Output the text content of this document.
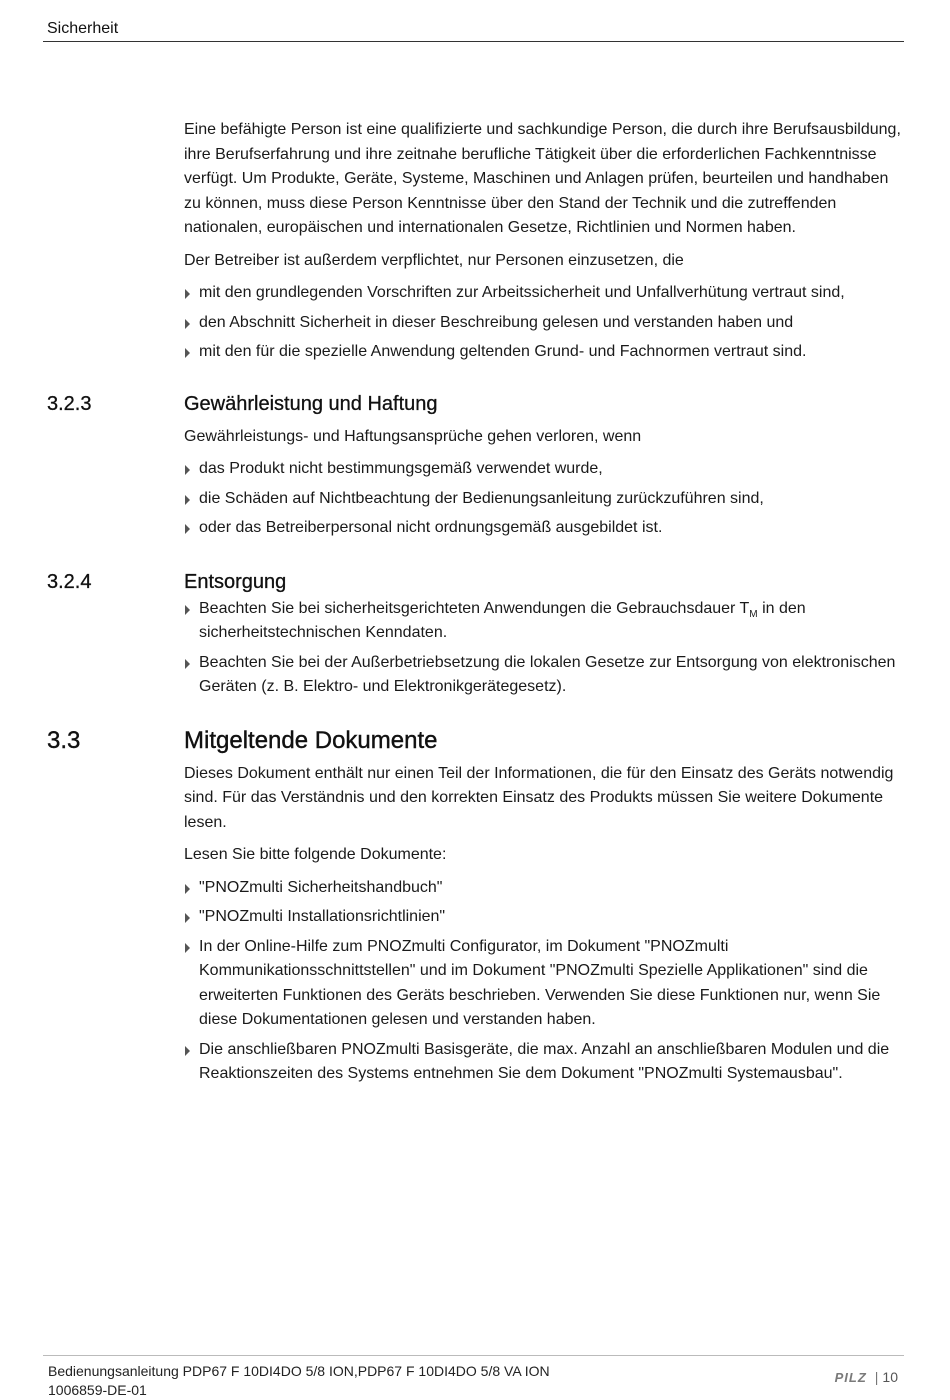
Sicherheit

Eine befähigte Person ist eine qualifizierte und sachkundige Person, die durch ihre Berufsausbildung, ihre Berufserfahrung und ihre zeitnahe berufliche Tätigkeit über die erforderlichen Fachkenntnisse verfügt. Um Produkte, Geräte, Systeme, Maschinen und Anlagen prüfen, beurteilen und handhaben zu können, muss diese Person Kenntnisse über den Stand der Technik und die zutreffenden nationalen, europäischen und internationalen Gesetze, Richtlinien und Normen haben.

Der Betreiber ist außerdem verpflichtet, nur Personen einzusetzen, die

mit den grundlegenden Vorschriften zur Arbeitssicherheit und Unfallverhütung vertraut sind,
den Abschnitt Sicherheit in dieser Beschreibung gelesen und verstanden haben und
mit den für die spezielle Anwendung geltenden Grund- und Fachnormen vertraut sind.
3.2.3	Gewährleistung und Haftung

Gewährleistungs- und Haftungsansprüche gehen verloren, wenn

das Produkt nicht bestimmungsgemäß verwendet wurde,
die Schäden auf Nichtbeachtung der Bedienungsanleitung zurückzuführen sind,
oder das Betreiberpersonal nicht ordnungsgemäß ausgebildet ist.
3.2.4	Entsorgung
Beachten Sie bei sicherheitsgerichteten Anwendungen die Gebrauchsdauer $T_M$ in den sicherheitstechnischen Kenndaten.
Beachten Sie bei der Außerbetriebsetzung die lokalen Gesetze zur Entsorgung von elektronischen Geräten (z. B. Elektro- und Elektronikgerätegesetz).
3.3	Mitgeltende Dokumente

Dieses Dokument enthält nur einen Teil der Informationen, die für den Einsatz des Geräts notwendig sind. Für das Verständnis und den korrekten Einsatz des Produkts müssen Sie weitere Dokumente lesen.

Lesen Sie bitte folgende Dokumente:

"PNOZmulti Sicherheitshandbuch"
"PNOZmulti Installationsrichtlinien"
In der Online-Hilfe zum PNOZmulti Configurator, im Dokument "PNOZmulti Kommunikationsschnittstellen" und im Dokument "PNOZmulti Spezielle Applikationen" sind die erweiterten Funktionen des Geräts beschrieben. Verwenden Sie diese Funktionen nur, wenn Sie diese Dokumentationen gelesen und verstanden haben.
Die anschließbaren PNOZmulti Basisgeräte, die max. Anzahl an anschließbaren Modulen und die Reaktionszeiten des Systems entnehmen Sie dem Dokument "PNOZmulti Systemausbau".
Bedienungsanleitung PDP67 F 10DI4DO 5/8 ION,PDP67 F 10DI4DO 5/8 VA ION
1006859-DE-01
PILZ | 10
